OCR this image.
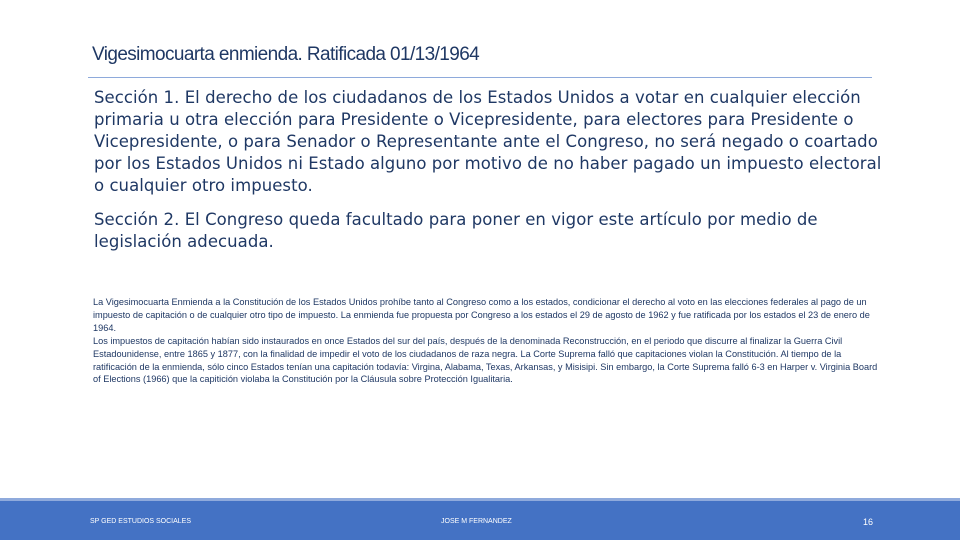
Vigesimocuarta enmienda. Ratificada 01/13/1964
Sección 1. El derecho de los ciudadanos de los Estados Unidos a votar en cualquier elección primaria u otra elección para Presidente o Vicepresidente, para electores para Presidente o Vicepresidente, o para Senador o Representante ante el Congreso, no será negado o coartado por los Estados Unidos ni Estado alguno por motivo de no haber pagado un impuesto electoral o cualquier otro impuesto.
Sección 2. El Congreso queda facultado para poner en vigor este artículo por medio de legislación adecuada.

La Vigesimocuarta Enmienda a la Constitución de los Estados Unidos prohíbe tanto al Congreso como a los estados, condicionar el derecho al voto en las elecciones federales al pago de un impuesto de capitación o de cualquier otro tipo de impuesto. La enmienda fue propuesta por Congreso a los estados el 29 de agosto de 1962 y fue ratificada por los estados el 23 de enero de 1964.

Los impuestos de capitación habían sido instaurados en once Estados del sur del país, después de la denominada Reconstrucción, en el periodo que discurre al finalizar la Guerra Civil Estadounidense, entre 1865 y 1877, con la finalidad de impedir el voto de los ciudadanos de raza negra. La Corte Suprema falló que capitaciones violan la Constitución. Al tiempo de la ratificación de la enmienda, sólo cinco Estados tenían una capitación todavía: Virgina, Alabama, Texas, Arkansas, y Misisipi. Sin embargo, la Corte Suprema falló 6-3 en Harper v. Virginia Board of Elections (1966) que la capitición violaba la Constitución por la Cláusula sobre Protección Igualitaria.

SP GED ESTUDIOS SOCIALES	JOSE M FERNANDEZ	16
